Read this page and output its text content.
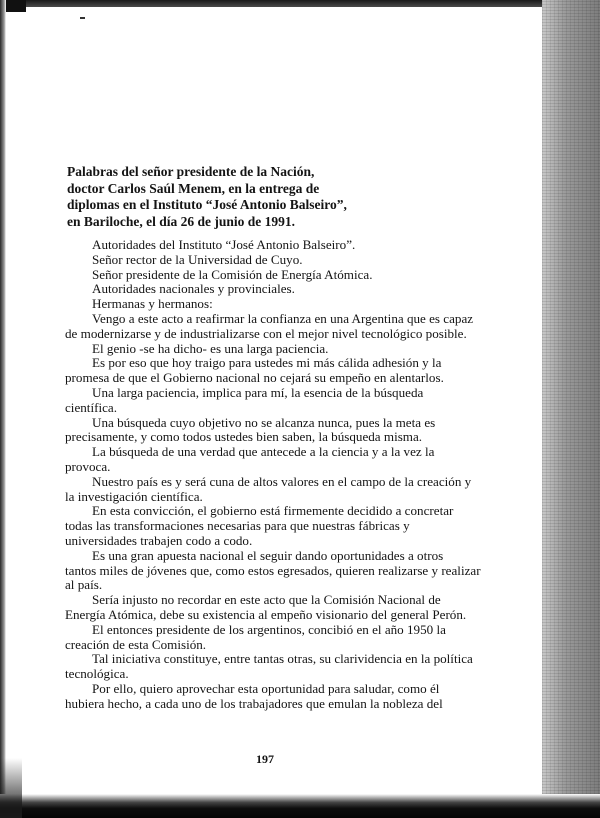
Palabras del señor presidente de la Nación,
doctor Carlos Saúl Menem, en la entrega de
diplomas en el Instituto “José Antonio Balseiro”,
en Bariloche, el día 26 de junio de 1991.
Autoridades del Instituto “José Antonio Balseiro”.
Señor rector de la Universidad de Cuyo.
Señor presidente de la Comisión de Energía Atómica.
Autoridades nacionales y provinciales.
Hermanas y hermanos:
Vengo a este acto a reafirmar la confianza en una Argentina que es capaz
de modernizarse y de industrializarse con el mejor nivel tecnológico posible.
El genio -se ha dicho- es una larga paciencia.
Es por eso que hoy traigo para ustedes mi más cálida adhesión y la
promesa de que el Gobierno nacional no cejará su empeño en alentarlos.
Una larga paciencia, implica para mí, la esencia de la búsqueda
científica.
Una búsqueda cuyo objetivo no se alcanza nunca, pues la meta es
precisamente, y como todos ustedes bien saben, la búsqueda misma.
La búsqueda de una verdad que antecede a la ciencia y a la vez la
provoca.
Nuestro país es y será cuna de altos valores en el campo de la creación y
la investigación científica.
En esta convicción, el gobierno está firmemente decidido a concretar
todas las transformaciones necesarias para que nuestras fábricas y
universidades trabajen codo a codo.
Es una gran apuesta nacional el seguir dando oportunidades a otros
tantos miles de jóvenes que, como estos egresados, quieren realizarse y realizar
al país.
Sería injusto no recordar en este acto que la Comisión Nacional de
Energía Atómica, debe su existencia al empeño visionario del general Perón.
El entonces presidente de los argentinos, concibió en el año 1950 la
creación de esta Comisión.
Tal iniciativa constituye, entre tantas otras, su clarividencia en la política
tecnológica.
Por ello, quiero aprovechar esta oportunidad para saludar, como él
hubiera hecho, a cada uno de los trabajadores que emulan la nobleza del
197
